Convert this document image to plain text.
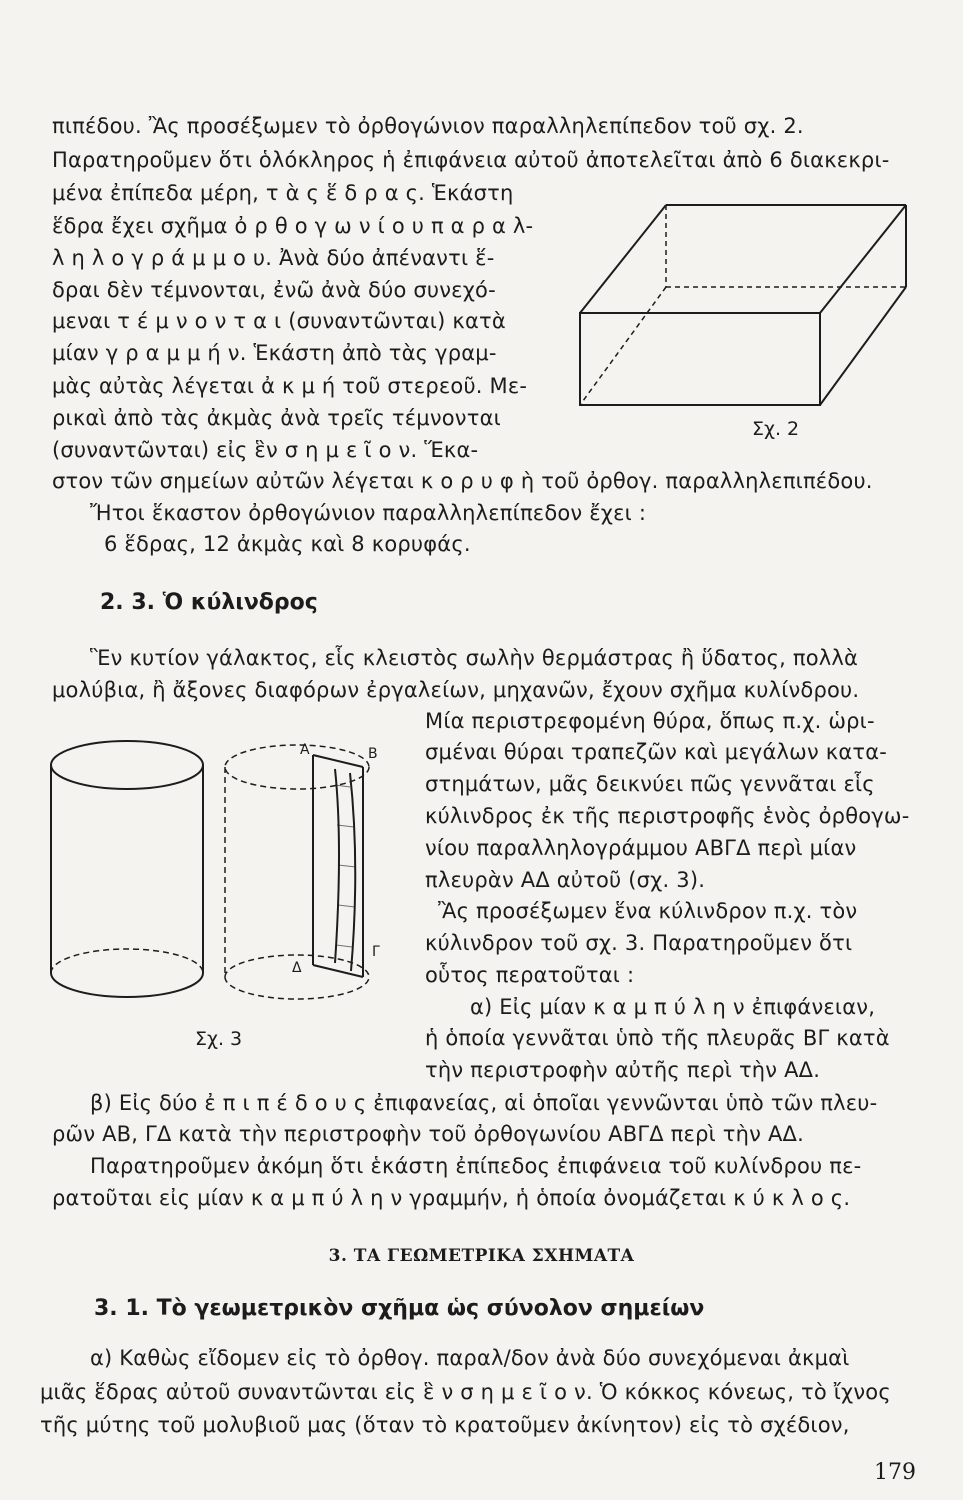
πιπέδου. Ἂς προσέξωμεν τὸ ὀρθογώνιον παραλληλεπίπεδον τοῦ σχ. 2.
Παρατηροῦμεν ὅτι ὁλόκληρος ἡ ἐπιφάνεια αὐτοῦ ἀποτελεῖται ἀπὸ 6 διακεκρι-
μένα ἐπίπεδα μέρη, τ ὰ ς ἕ δ ρ α ς. Ἑκάστη
ἕδρα ἔχει σχῆμα ὀ ρ θ ο γ ω ν ί ο υ π α ρ α λ-
λ η λ ο γ ρ ά μ μ ο υ. Ἀνὰ δύο ἀπέναντι ἕ-
δραι δὲν τέμνονται, ἐνῶ ἀνὰ δύο συνεχό-
μεναι τ έ μ ν ο ν τ α ι (συναντῶνται) κατὰ
μίαν γ ρ α μ μ ή ν. Ἑκάστη ἀπὸ τὰς γραμ-
μὰς αὐτὰς λέγεται ἀ κ μ ή τοῦ στερεοῦ. Με-
ρικαὶ ἀπὸ τὰς ἀκμὰς ἀνὰ τρεῖς τέμνονται
(συναντῶνται) εἰς ἓν σ η μ ε ῖ ο ν. Ἕκα-
στον τῶν σημείων αὐτῶν λέγεται κ ο ρ υ φ ὴ τοῦ ὀρθογ. παραλληλεπιπέδου.
Ἤτοι ἕκαστον ὀρθογώνιον παραλληλεπίπεδον ἔχει :
6 ἕδρας, 12 ἀκμὰς καὶ 8 κορυφάς.
Σχ. 2
2. 3. Ὁ κύλινδρος
Ἓν κυτίον γάλακτος, εἷς κλειστὸς σωλὴν θερμάστρας ἢ ὕδατος, πολλὰ
μολύβια, ἢ ἄξονες διαφόρων ἐργαλείων, μηχανῶν, ἔχουν σχῆμα κυλίνδρου.
Μία περιστρεφομένη θύρα, ὅπως π.χ. ὡρι-
σμέναι θύραι τραπεζῶν καὶ μεγάλων κατα-
στημάτων, μᾶς δεικνύει πῶς γεννᾶται εἷς
κύλινδρος ἐκ τῆς περιστροφῆς ἑνὸς ὀρθογω-
νίου παραλληλογράμμου ΑΒΓΔ περὶ μίαν
πλευρὰν ΑΔ αὐτοῦ (σχ. 3).
Ἂς προσέξωμεν ἕνα κύλινδρον π.χ. τὸν
κύλινδρον τοῦ σχ. 3. Παρατηροῦμεν ὅτι
οὗτος περατοῦται :
α) Εἰς μίαν κ α μ π ύ λ η ν ἐπιφάνειαν,
ἡ ὁποία γεννᾶται ὑπὸ τῆς πλευρᾶς ΒΓ κατὰ
τὴν περιστροφὴν αὐτῆς περὶ τὴν ΑΔ.
Α	Β
Γ
Δ
Σχ. 3
β) Εἰς δύο ἐ π ι π έ δ ο υ ς ἐπιφανείας, αἱ ὁποῖαι γεννῶνται ὑπὸ τῶν πλευ-
ρῶν ΑΒ, ΓΔ κατὰ τὴν περιστροφὴν τοῦ ὀρθογωνίου ΑΒΓΔ περὶ τὴν ΑΔ.
Παρατηροῦμεν ἀκόμη ὅτι ἑκάστη ἐπίπεδος ἐπιφάνεια τοῦ κυλίνδρου πε-
ρατοῦται εἰς μίαν κ α μ π ύ λ η ν γραμμήν, ἡ ὁποία ὀνομάζεται κ ύ κ λ ο ς.
3. ΤΑ ΓΕΩΜΕΤΡΙΚΑ ΣΧΗΜΑΤΑ
3. 1. Τὸ γεωμετρικὸν σχῆμα ὡς σύνολον σημείων
α) Καθὼς εἴδομεν εἰς τὸ ὀρθογ. παραλ/δον ἀνὰ δύο συνεχόμεναι ἀκμαὶ
μιᾶς ἕδρας αὐτοῦ συναντῶνται εἰς ἓ ν σ η μ ε ῖ ο ν. Ὁ κόκκος κόνεως, τὸ ἴχνος
τῆς μύτης τοῦ μολυβιοῦ μας (ὅταν τὸ κρατοῦμεν ἀκίνητον) εἰς τὸ σχέδιον,
179
